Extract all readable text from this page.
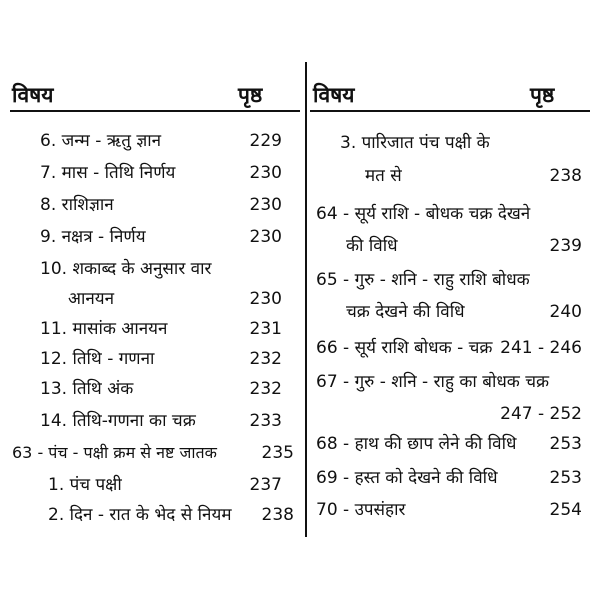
विषय	पृष्ठ विषय	पृष्ठ
6. जन्म - ऋतु ज्ञान	229
7. मास - तिथि निर्णय	230
8. राशिज्ञान	230
9. नक्षत्र - निर्णय	230
10. शकाब्द के अनुसार वार
आनयन	230
11. मासांक आनयन	231
12. तिथि - गणना	232
13. तिथि अंक	232
14. तिथि-गणना का चक्र	233
63 - पंच - पक्षी क्रम से नष्ट जातक	235
1. पंच पक्षी	237
2. दिन - रात के भेद से नियम	238
3. पारिजात पंच पक्षी के
मत से	238
64 - सूर्य राशि - बोधक चक्र देखने
की विधि	239
65 - गुरु - शनि - राहु राशि बोधक
चक्र देखने की विधि	240
66 - सूर्य राशि बोधक - चक्र 241 - 246
67 - गुरु - शनि - राहु का बोधक चक्र
247 - 252
68 - हाथ की छाप लेने की विधि	253
69 - हस्त को देखने की विधि	253
70 - उपसंहार	254
